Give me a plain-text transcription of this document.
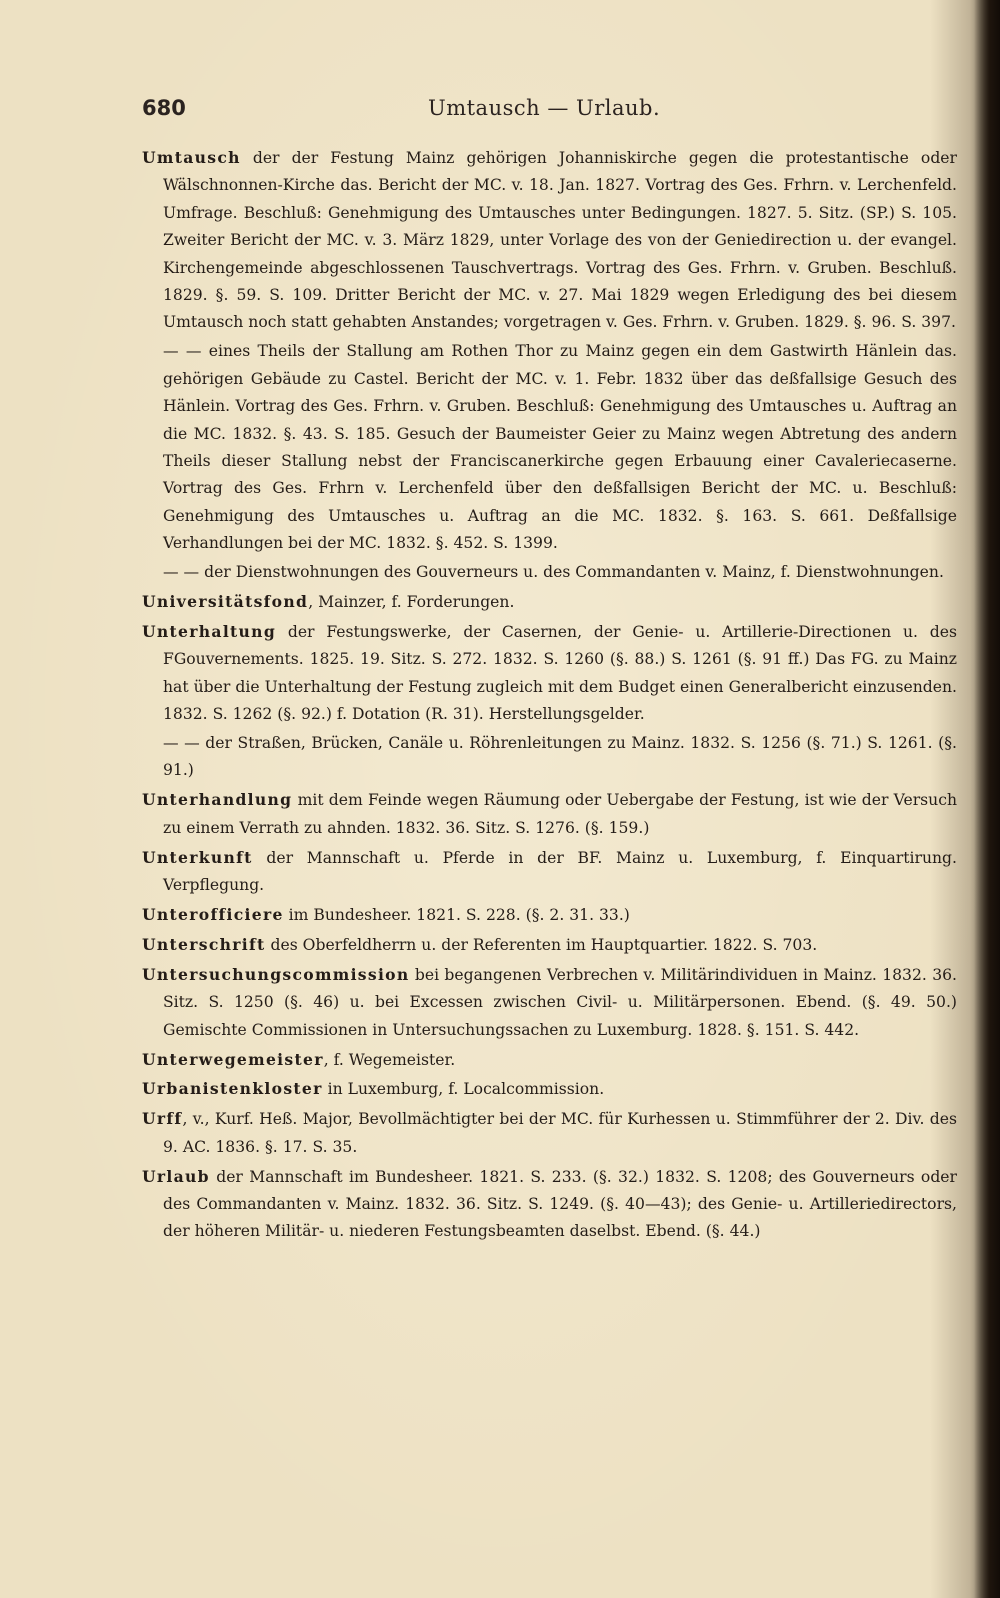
680	Umtausch — Urlaub.

Umtausch der der Festung Mainz gehörigen Johanniskirche gegen die protestantische oder Wälschnonnen-Kirche das. Bericht der MC. v. 18. Jan. 1827. Vortrag des Ges. Frhrn. v. Lerchenfeld. Umfrage. Beschluß: Genehmigung des Umtausches unter Bedingungen. 1827. 5. Sitz. (SP.) S. 105. Zweiter Bericht der MC. v. 3. März 1829, unter Vorlage des von der Geniedirection u. der evangel. Kirchengemeinde abgeschlossenen Tauschvertrags. Vortrag des Ges. Frhrn. v. Gruben. Beschluß. 1829. §. 59. S. 109. Dritter Bericht der MC. v. 27. Mai 1829 wegen Erledigung des bei diesem Umtausch noch statt gehabten Anstandes; vorgetragen v. Ges. Frhrn. v. Gruben. 1829. §. 96. S. 397.

— — eines Theils der Stallung am Rothen Thor zu Mainz gegen ein dem Gastwirth Hänlein das. gehörigen Gebäude zu Castel. Bericht der MC. v. 1. Febr. 1832 über das deßfallsige Gesuch des Hänlein. Vortrag des Ges. Frhrn. v. Gruben. Beschluß: Genehmigung des Umtausches u. Auftrag an die MC. 1832. §. 43. S. 185. Gesuch der Baumeister Geier zu Mainz wegen Abtretung des andern Theils dieser Stallung nebst der Franciscanerkirche gegen Erbauung einer Cavaleriecaserne. Vortrag des Ges. Frhrn v. Lerchenfeld über den deßfallsigen Bericht der MC. u. Beschluß: Genehmigung des Umtausches u. Auftrag an die MC. 1832. §. 163. S. 661. Deßfallsige Verhandlungen bei der MC. 1832. §. 452. S. 1399.

— — der Dienstwohnungen des Gouverneurs u. des Commandanten v. Mainz, f. Dienstwohnungen.

Universitätsfond, Mainzer, f. Forderungen.

Unterhaltung der Festungswerke, der Casernen, der Genie- u. Artillerie-Directionen u. des FGouvernements. 1825. 19. Sitz. S. 272. 1832. S. 1260 (§. 88.) S. 1261 (§. 91 ff.) Das FG. zu Mainz hat über die Unterhaltung der Festung zugleich mit dem Budget einen Generalbericht einzusenden. 1832. S. 1262 (§. 92.) f. Dotation (R. 31). Herstellungsgelder.

— — der Straßen, Brücken, Canäle u. Röhrenleitungen zu Mainz. 1832. S. 1256 (§. 71.) S. 1261. (§. 91.)

Unterhandlung mit dem Feinde wegen Räumung oder Uebergabe der Festung, ist wie der Versuch zu einem Verrath zu ahnden. 1832. 36. Sitz. S. 1276. (§. 159.)

Unterkunft der Mannschaft u. Pferde in der BF. Mainz u. Luxemburg, f. Einquartirung. Verpflegung.

Unterofficiere im Bundesheer. 1821. S. 228. (§. 2. 31. 33.)

Unterschrift des Oberfeldherrn u. der Referenten im Hauptquartier. 1822. S. 703.

Untersuchungscommission bei begangenen Verbrechen v. Militärindividuen in Mainz. 1832. 36. Sitz. S. 1250 (§. 46) u. bei Excessen zwischen Civil- u. Militärpersonen. Ebend. (§. 49. 50.) Gemischte Commissionen in Untersuchungssachen zu Luxemburg. 1828. §. 151. S. 442.

Unterwegemeister, f. Wegemeister.

Urbanistenkloster in Luxemburg, f. Localcommission.

Urff, v., Kurf. Heß. Major, Bevollmächtigter bei der MC. für Kurhessen u. Stimmführer der 2. Div. des 9. AC. 1836. §. 17. S. 35.

Urlaub der Mannschaft im Bundesheer. 1821. S. 233. (§. 32.) 1832. S. 1208; des Gouverneurs oder des Commandanten v. Mainz. 1832. 36. Sitz. S. 1249. (§. 40—43); des Genie- u. Artilleriedirectors, der höheren Militär- u. niederen Festungsbeamten daselbst. Ebend. (§. 44.)
